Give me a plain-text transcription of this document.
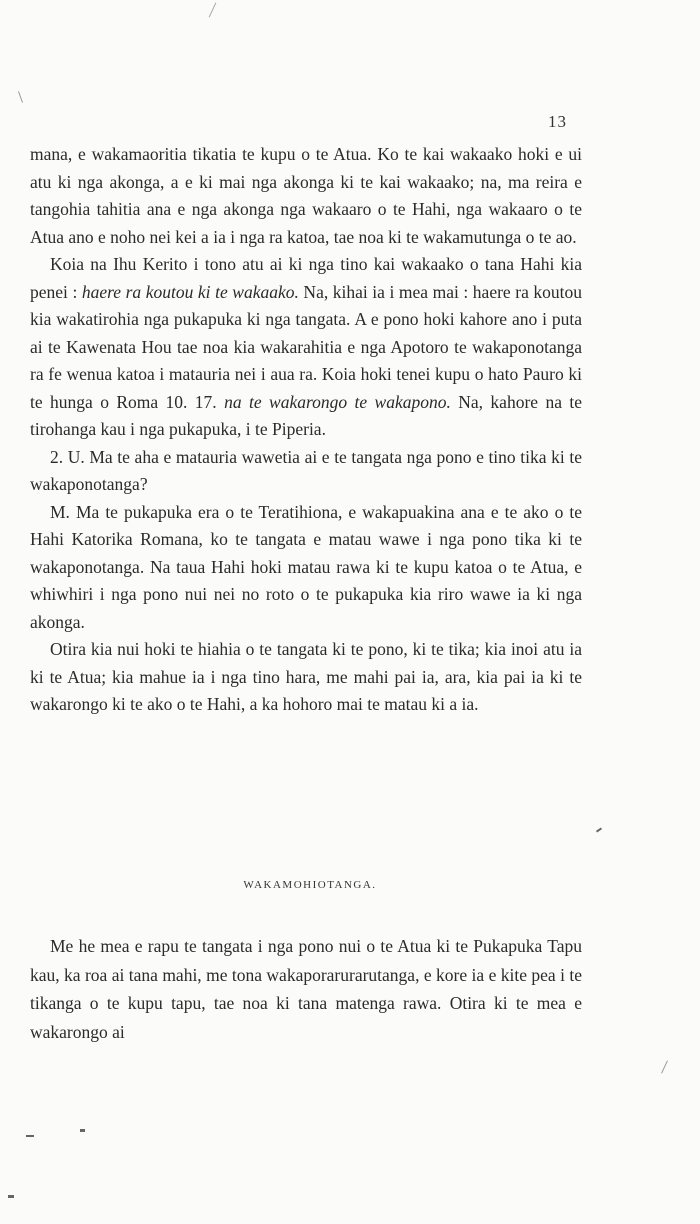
13

mana, e wakamaoritia tikatia te kupu o te Atua. Ko te kai wakaako hoki e ui atu ki nga akonga, a e ki mai nga akonga ki te kai wakaako; na, ma reira e tangohia tahitia ana e nga akonga nga wakaaro o te Hahi, nga wakaaro o te Atua ano e noho nei kei a ia i nga ra katoa, tae noa ki te wakamutunga o te ao.

Koia na Ihu Kerito i tono atu ai ki nga tino kai wakaako o tana Hahi kia penei : haere ra koutou ki te wakaako. Na, kihai ia i mea mai : haere ra koutou kia wakatirohia nga pukapuka ki nga tangata. A e pono hoki kahore ano i puta ai te Kawenata Hou tae noa kia wakarahitia e nga Apotoro te wakaponotanga ra fe wenua katoa i matauria nei i aua ra. Koia hoki tenei kupu o hato Pauro ki te hunga o Roma 10. 17. na te wakarongo te wakapono. Na, kahore na te tirohanga kau i nga pukapuka, i te Piperia.

2. U. Ma te aha e matauria wawetia ai e te tangata nga pono e tino tika ki te wakaponotanga?

M. Ma te pukapuka era o te Teratihiona, e wakapuakina ana e te ako o te Hahi Katorika Romana, ko te tangata e matau wawe i nga pono tika ki te wakaponotanga. Na taua Hahi hoki matau rawa ki te kupu katoa o te Atua, e whiwhiri i nga pono nui nei no roto o te pukapuka kia riro wawe ia ki nga akonga.

Otira kia nui hoki te hiahia o te tangata ki te pono, ki te tika; kia inoi atu ia ki te Atua; kia mahue ia i nga tino hara, me mahi pai ia, ara, kia pai ia ki te wakarongo ki te ako o te Hahi, a ka hohoro mai te matau ki a ia.

WAKAMOHIOTANGA.

Me he mea e rapu te tangata i nga pono nui o te Atua ki te Pukapuka Tapu kau, ka roa ai tana mahi, me tona wakaporarurarutanga, e kore ia e kite pea i te tikanga o te kupu tapu, tae noa ki tana matenga rawa. Otira ki te mea e wakarongo ai
